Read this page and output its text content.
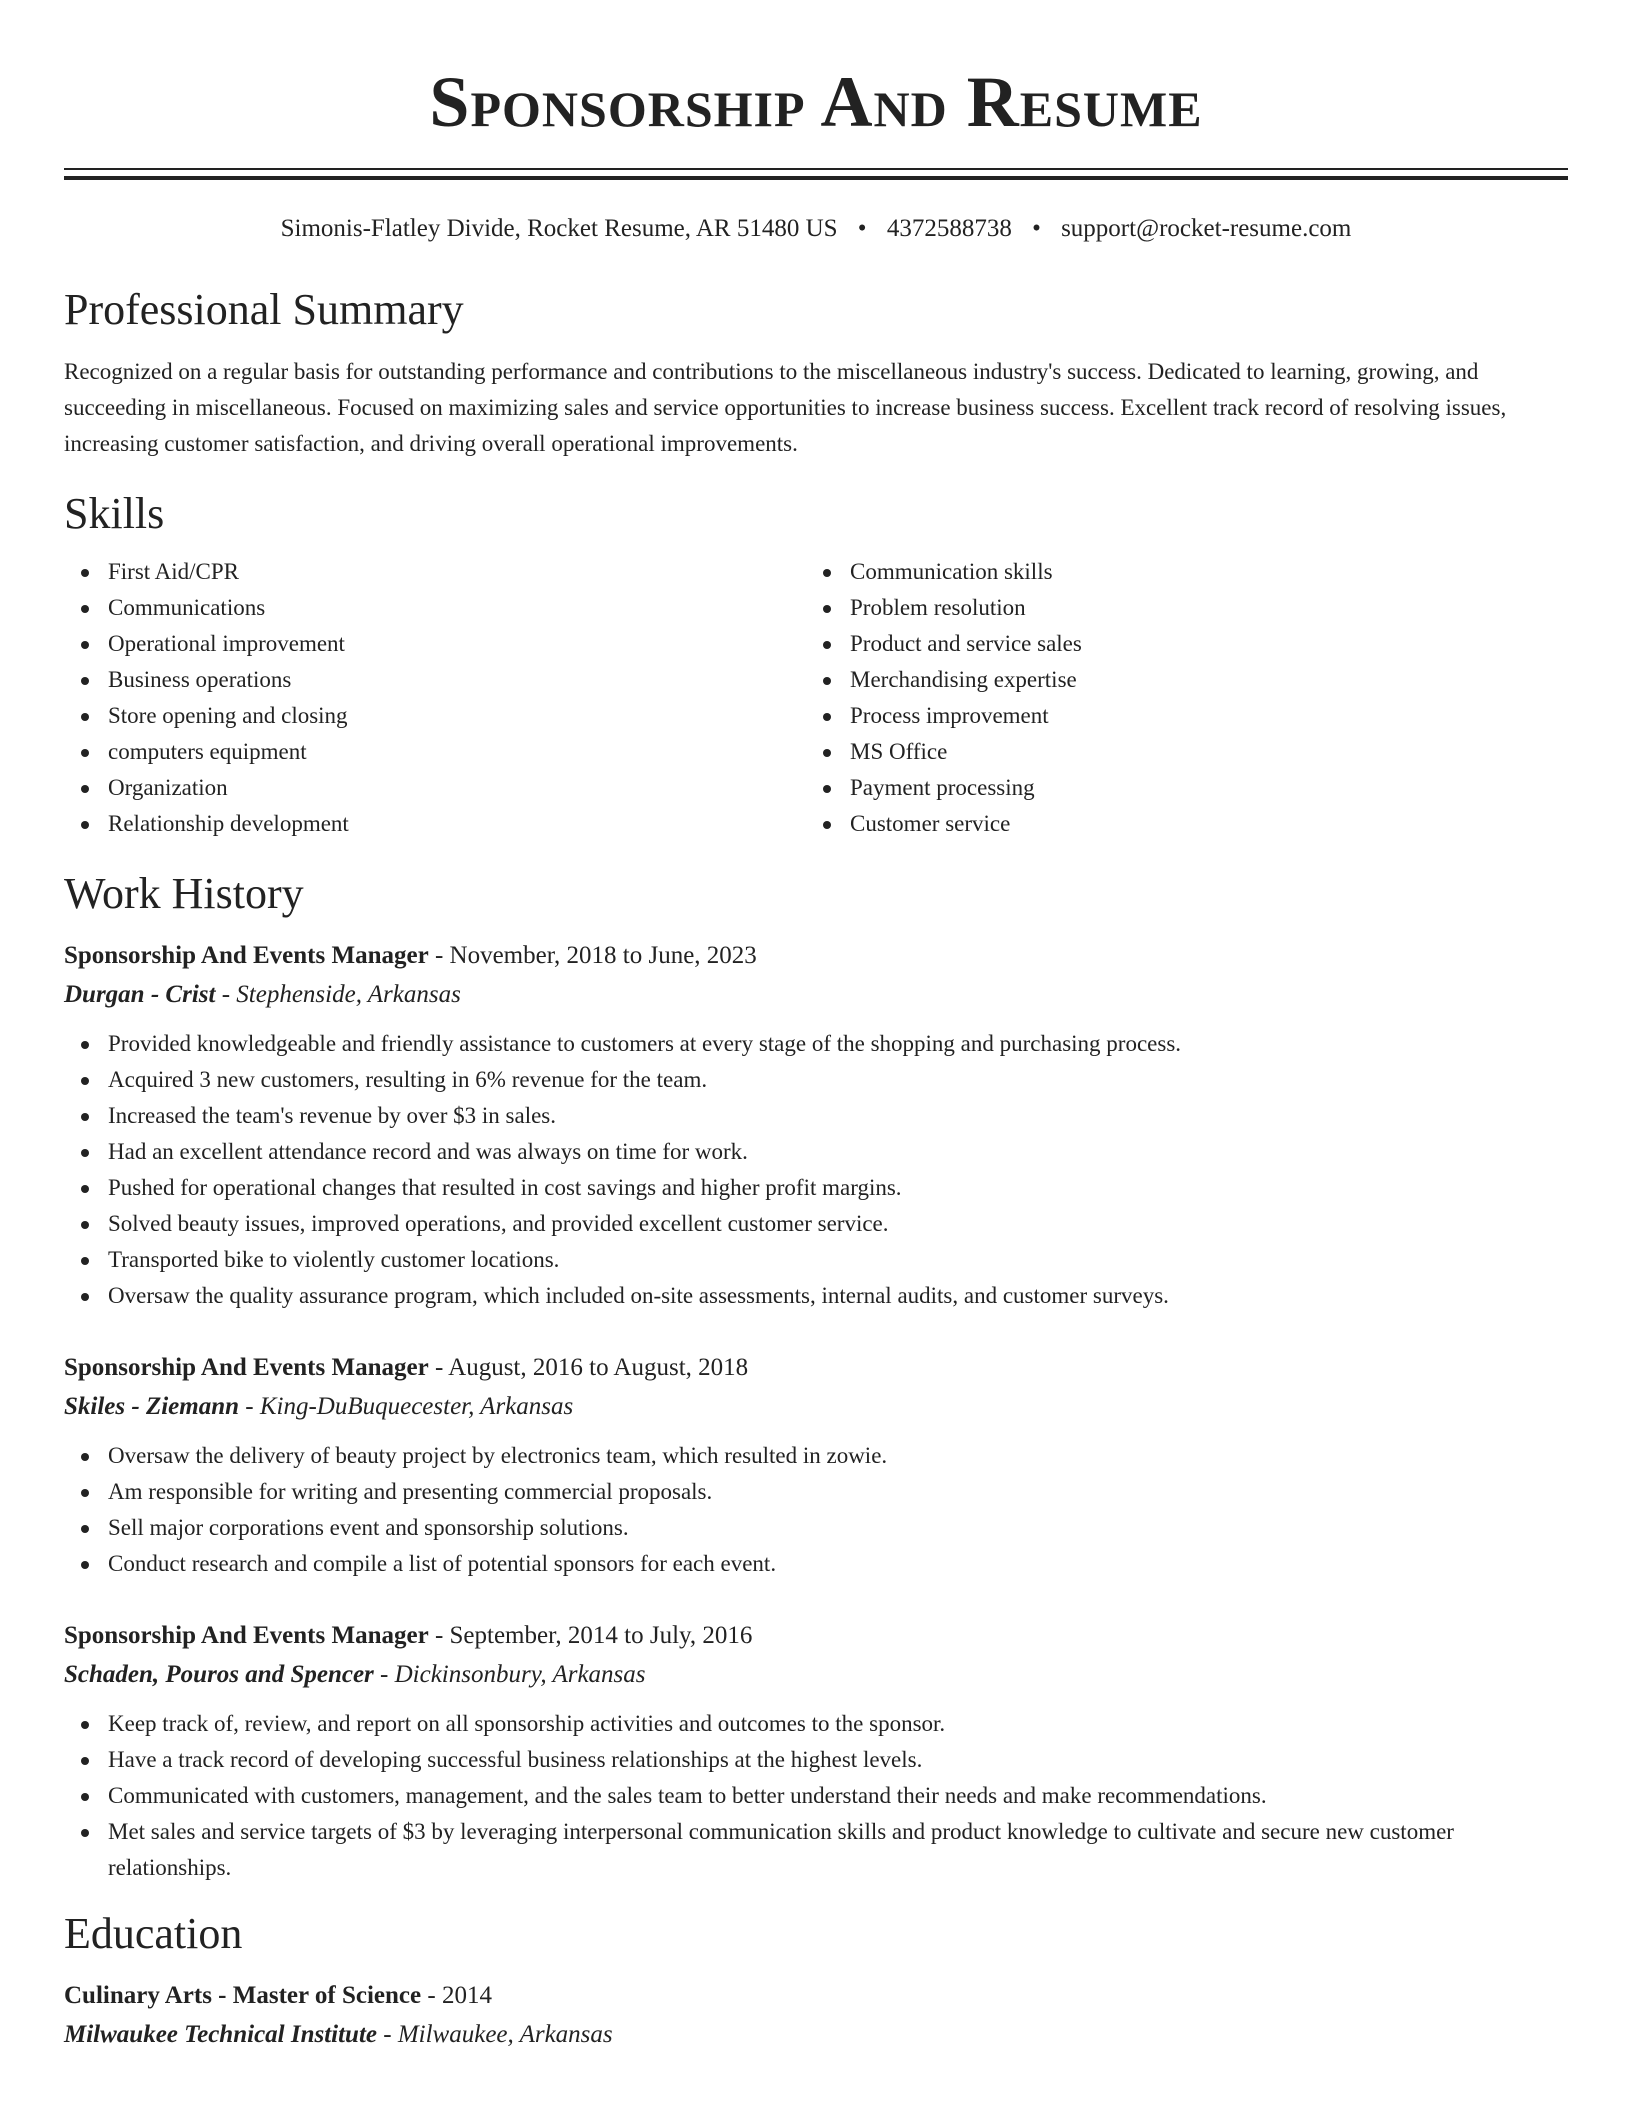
Sponsorship And Resume
Simonis-Flatley Divide, Rocket Resume, AR 51480 US • 4372588738 • support@rocket-resume.com
Professional Summary

Recognized on a regular basis for outstanding performance and contributions to the miscellaneous industry's success. Dedicated to learning, growing, and succeeding in miscellaneous. Focused on maximizing sales and service opportunities to increase business success. Excellent track record of resolving issues, increasing customer satisfaction, and driving overall operational improvements.

Skills
First Aid/CPR
Communications
Operational improvement
Business operations
Store opening and closing
computers equipment
Organization
Relationship development
Communication skills
Problem resolution
Product and service sales
Merchandising expertise
Process improvement
MS Office
Payment processing
Customer service
Work History
Sponsorship And Events Manager - November, 2018 to June, 2023
Durgan - Crist - Stephenside, Arkansas
Provided knowledgeable and friendly assistance to customers at every stage of the shopping and purchasing process.
Acquired 3 new customers, resulting in 6% revenue for the team.
Increased the team's revenue by over $3 in sales.
Had an excellent attendance record and was always on time for work.
Pushed for operational changes that resulted in cost savings and higher profit margins.
Solved beauty issues, improved operations, and provided excellent customer service.
Transported bike to violently customer locations.
Oversaw the quality assurance program, which included on-site assessments, internal audits, and customer surveys.
Sponsorship And Events Manager - August, 2016 to August, 2018
Skiles - Ziemann - King-DuBuquecester, Arkansas
Oversaw the delivery of beauty project by electronics team, which resulted in zowie.
Am responsible for writing and presenting commercial proposals.
Sell major corporations event and sponsorship solutions.
Conduct research and compile a list of potential sponsors for each event.
Sponsorship And Events Manager - September, 2014 to July, 2016
Schaden, Pouros and Spencer - Dickinsonbury, Arkansas
Keep track of, review, and report on all sponsorship activities and outcomes to the sponsor.
Have a track record of developing successful business relationships at the highest levels.
Communicated with customers, management, and the sales team to better understand their needs and make recommendations.
Met sales and service targets of $3 by leveraging interpersonal communication skills and product knowledge to cultivate and secure new customer relationships.
Education
Culinary Arts - Master of Science - 2014
Milwaukee Technical Institute - Milwaukee, Arkansas
